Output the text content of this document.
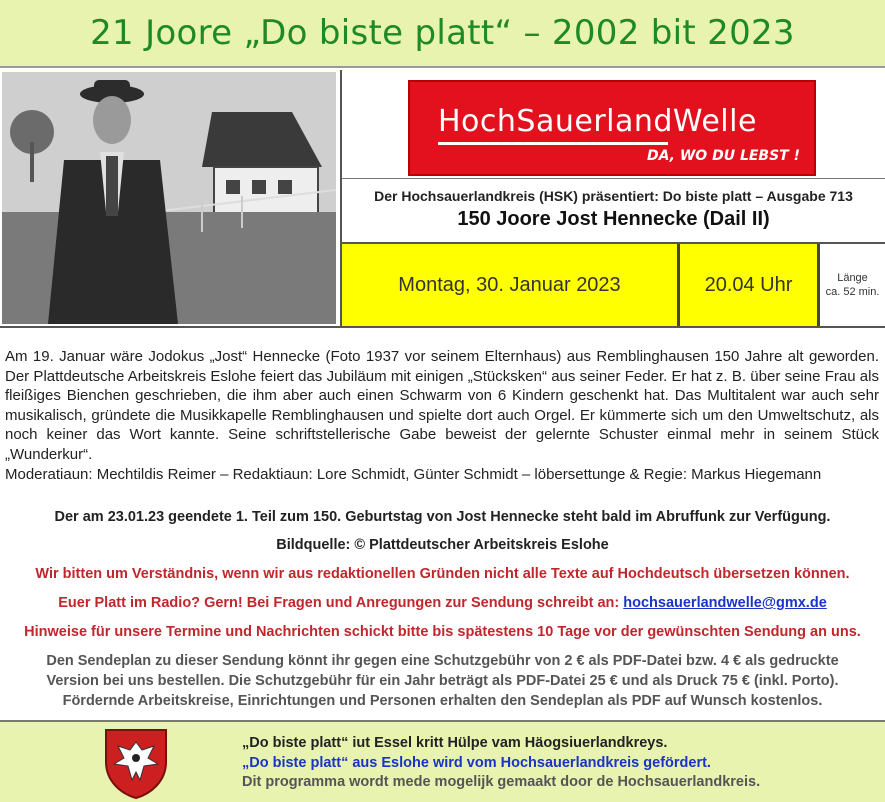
21 Joore „Do biste platt“ – 2002 bit 2023
HochSauerlandWelle
DA, WO DU LEBST !
Der Hochsauerlandkreis (HSK) präsentiert: Do biste platt – Ausgabe 713
150 Joore Jost Hennecke (Dail II)
Montag, 30. Januar 2023	20.04 Uhr	Länge
ca. 52 min.
Am 19. Januar wäre Jodokus „Jost“ Hennecke (Foto 1937 vor seinem Elternhaus) aus Remblinghausen 150 Jahre alt geworden. Der Plattdeutsche Arbeitskreis Eslohe feiert das Jubiläum mit einigen „Stücksken“ aus seiner Feder. Er hat z. B. über seine Frau als fleißiges Bienchen geschrieben, die ihm aber auch einen Schwarm von 6 Kindern geschenkt hat. Das Multitalent war auch sehr musikalisch, gründete die Musikkapelle Remblinghausen und spielte dort auch Orgel. Er kümmerte sich um den Umweltschutz, als noch keiner das Wort kannte. Seine schriftstellerische Gabe beweist der gelernte Schuster einmal mehr in seinem Stück „Wunderkur“.
Moderatiaun: Mechtildis Reimer – Redaktiaun: Lore Schmidt, Günter Schmidt – löbersettunge & Regie: Markus Hiegemann
Der am 23.01.23 geendete 1. Teil zum 150. Geburtstag von Jost Hennecke steht bald im Abruffunk zur Verfügung.
Bildquelle: © Plattdeutscher Arbeitskreis Eslohe
Wir bitten um Verständnis, wenn wir aus redaktionellen Gründen nicht alle Texte auf Hochdeutsch übersetzen können.
Euer Platt im Radio? Gern! Bei Fragen und Anregungen zur Sendung schreibt an: hochsauerlandwelle@gmx.de
Hinweise für unsere Termine und Nachrichten schickt bitte bis spätestens 10 Tage vor der gewünschten Sendung an uns.
Den Sendeplan zu dieser Sendung könnt ihr gegen eine Schutzgebühr von 2 € als PDF-Datei bzw. 4 € als gedruckte
Version bei uns bestellen. Die Schutzgebühr für ein Jahr beträgt als PDF-Datei 25 € und als Druck 75 € (inkl. Porto).
Fördernde Arbeitskreise, Einrichtungen und Personen erhalten den Sendeplan als PDF auf Wunsch kostenlos.
„Do biste platt“ iut Essel kritt Hülpe vam Häogsiuerlandkreys.
„Do biste platt“ aus Eslohe wird vom Hochsauerlandkreis gefördert.
Dit programma wordt mede mogelijk gemaakt door de Hochsauerlandkreis.
